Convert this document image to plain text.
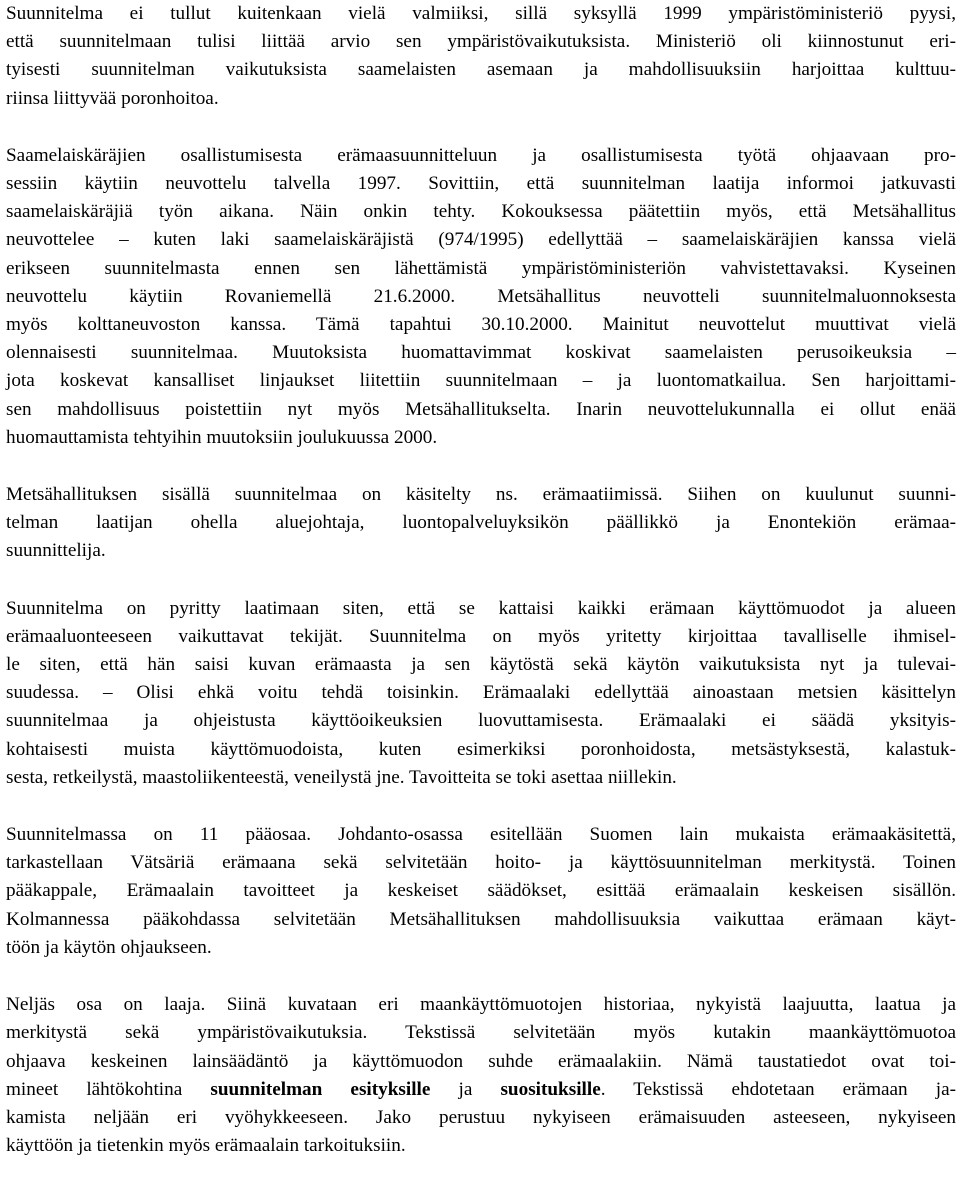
Suunnitelma ei tullut kuitenkaan vielä valmiiksi, sillä syksyllä 1999 ympäristöministeriö pyysi,
että suunnitelmaan tulisi liittää arvio sen ympäristövaikutuksista. Ministeriö oli kiinnostunut eri-
tyisesti suunnitelman vaikutuksista saamelaisten asemaan ja mahdollisuuksiin harjoittaa kulttuu-
riinsa liittyvää poronhoitoa.
Saamelaiskäräjien osallistumisesta erämaasuunnitteluun ja osallistumisesta työtä ohjaavaan pro-
sessiin käytiin neuvottelu talvella 1997. Sovittiin, että suunnitelman laatija informoi jatkuvasti
saamelaiskäräjiä työn aikana. Näin onkin tehty. Kokouksessa päätettiin myös, että Metsähallitus
neuvottelee – kuten laki saamelaiskäräjistä (974/1995) edellyttää – saamelaiskäräjien kanssa vielä
erikseen suunnitelmasta ennen sen lähettämistä ympäristöministeriön vahvistettavaksi. Kyseinen
neuvottelu käytiin Rovaniemellä 21.6.2000. Metsähallitus neuvotteli suunnitelmaluonnoksesta
myös kolttaneuvoston kanssa. Tämä tapahtui 30.10.2000. Mainitut neuvottelut muuttivat vielä
olennaisesti suunnitelmaa. Muutoksista huomattavimmat koskivat saamelaisten perusoikeuksia –
jota koskevat kansalliset linjaukset liitettiin suunnitelmaan – ja luontomatkailua. Sen harjoittami-
sen mahdollisuus poistettiin nyt myös Metsähallitukselta. Inarin neuvottelukunnalla ei ollut enää
huomauttamista tehtyihin muutoksiin joulukuussa 2000.
Metsähallituksen sisällä suunnitelmaa on käsitelty ns. erämaatiimissä. Siihen on kuulunut suunni-
telman laatijan ohella aluejohtaja, luontopalveluyksikön päällikkö ja Enontekiön erämaa-
suunnittelija.
Suunnitelma on pyritty laatimaan siten, että se kattaisi kaikki erämaan käyttömuodot ja alueen
erämaaluonteeseen vaikuttavat tekijät. Suunnitelma on myös yritetty kirjoittaa tavalliselle ihmisel-
le siten, että hän saisi kuvan erämaasta ja sen käytöstä sekä käytön vaikutuksista nyt ja tulevai-
suudessa. – Olisi ehkä voitu tehdä toisinkin. Erämaalaki edellyttää ainoastaan metsien käsittelyn
suunnitelmaa ja ohjeistusta käyttöoikeuksien luovuttamisesta. Erämaalaki ei säädä yksityis-
kohtaisesti muista käyttömuodoista, kuten esimerkiksi poronhoidosta, metsästyksestä, kalastuk-
sesta, retkeilystä, maastoliikenteestä, veneilystä jne. Tavoitteita se toki asettaa niillekin.
Suunnitelmassa on 11 pääosaa. Johdanto-osassa esitellään Suomen lain mukaista erämaakäsitettä,
tarkastellaan Vätsäriä erämaana sekä selvitetään hoito- ja käyttösuunnitelman merkitystä. Toinen
pääkappale, Erämaalain tavoitteet ja keskeiset säädökset, esittää erämaalain keskeisen sisällön.
Kolmannessa pääkohdassa selvitetään Metsähallituksen mahdollisuuksia vaikuttaa erämaan käyt-
töön ja käytön ohjaukseen.
Neljäs osa on laaja. Siinä kuvataan eri maankäyttömuotojen historiaa, nykyistä laajuutta, laatua ja
merkitystä sekä ympäristövaikutuksia. Tekstissä selvitetään myös kutakin maankäyttömuotoa
ohjaava keskeinen lainsäädäntö ja käyttömuodon suhde erämaalakiin. Nämä taustatiedot ovat toi-
mineet lähtökohtina suunnitelman esityksille ja suosituksille. Tekstissä ehdotetaan erämaan ja-
kamista neljään eri vyöhykkeeseen. Jako perustuu nykyiseen erämaisuuden asteeseen, nykyiseen
käyttöön ja tietenkin myös erämaalain tarkoituksiin.
